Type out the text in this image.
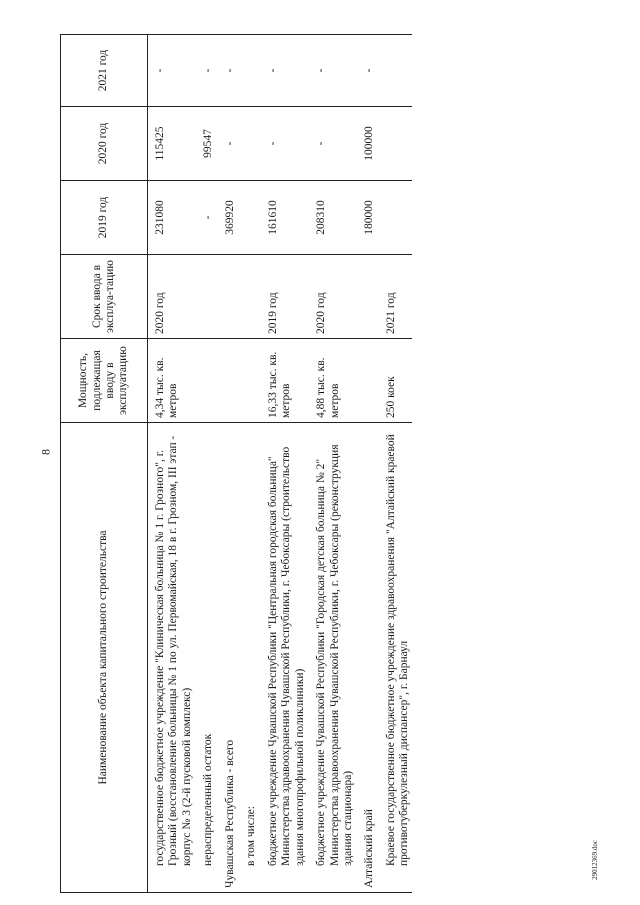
8
29012369.doc
Наименование объекта капитального строительства	Мощность, подлежащая вводу в эксплуатацию	Срок ввода в эксплуа-тацию	2019 год	2020 год	2021 год
государственное бюджетное учреждение "Клиническая больница № 1 г. Грозного", г. Грозный (восстановление больницы № 1 по ул. Первомайская, 18 в г. Грозном, III этап - корпус № 3 (2-й пусковой комплекс)	4,34 тыс. кв. метров	2020 год	231080	115425	-
нераспределенный остаток			-	99547	-
Чувашская Республика - всего			369920	-	-
в том числе:					
бюджетное учреждение Чувашской Республики "Центральная городская больница" Министерства здравоохранения Чувашской Республики, г. Чебоксары (строительство здания многопрофильной поликлиники)	16,33 тыс. кв. метров	2019 год	161610	-	-
бюджетное учреждение Чувашской Республики "Городская детская больница № 2" Министерства здравоохранения Чувашской Республики, г. Чебоксары (реконструкция здания стационара)	4,88 тыс. кв. метров	2020 год	208310	-	-
Алтайский край			180000	100000	-
Краевое государственное бюджетное учреждение здравоохранения "Алтайский краевой противотуберкулезный диспансер", г. Барнаул	250 коек	2021 год			
